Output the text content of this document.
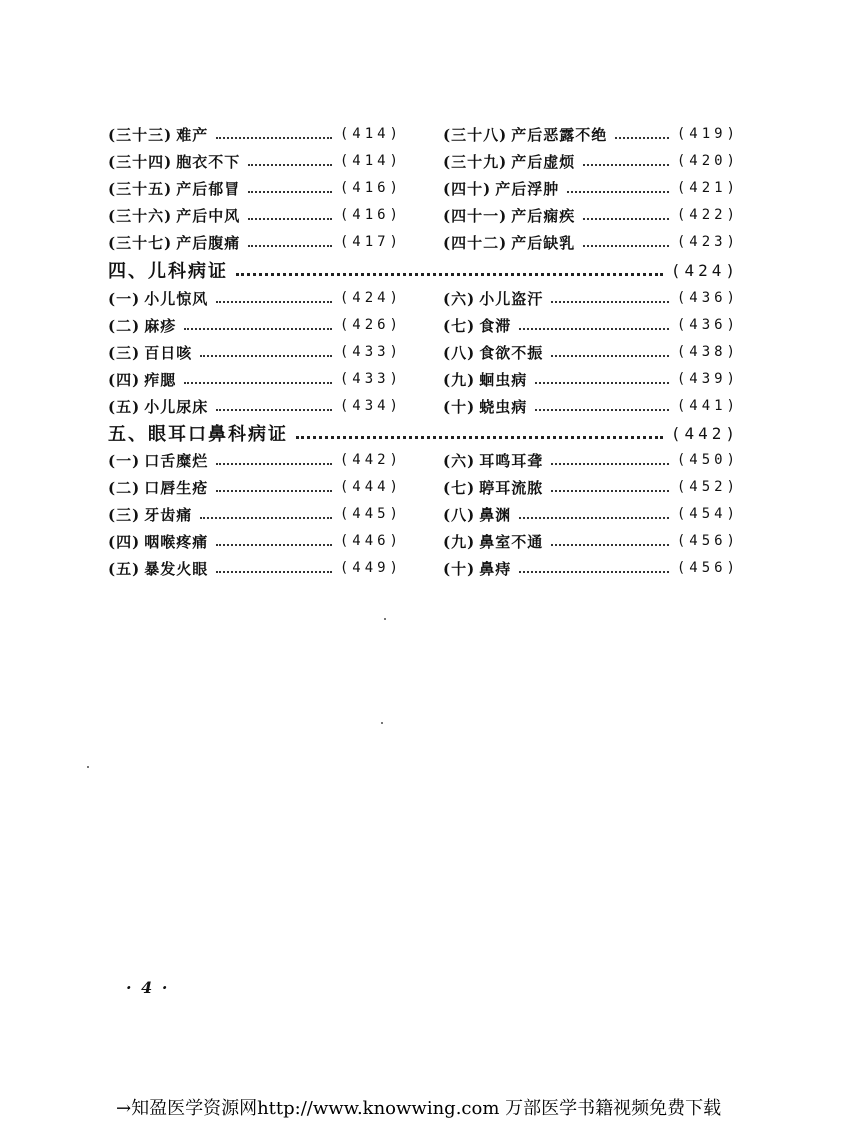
(三十三) 难产	(414)
(三十四) 胞衣不下	(414)
(三十五) 产后郁冒	(416)
(三十六) 产后中风	(416)
(三十七) 产后腹痛	(417)
(三十八) 产后恶露不绝	(419)
(三十九) 产后虚烦	(420)
(四十) 产后浮肿	(421)
(四十一) 产后痫疾	(422)
(四十二) 产后缺乳	(423)
四、儿科病证	(424)
(一) 小儿惊风	(424)
(二) 麻疹	(426)
(三) 百日咳	(433)
(四) 痄腮	(433)
(五) 小儿尿床	(434)
(六) 小儿盗汗	(436)
(七) 食滞	(436)
(八) 食欲不振	(438)
(九) 蛔虫病	(439)
(十) 蛲虫病	(441)
五、眼耳口鼻科病证	(442)
(一) 口舌糜烂	(442)
(二) 口唇生疮	(444)
(三) 牙齿痛	(445)
(四) 咽喉疼痛	(446)
(五) 暴发火眼	(449)
(六) 耳鸣耳聋	(450)
(七) 聤耳流脓	(452)
(八) 鼻渊	(454)
(九) 鼻室不通	(456)
(十) 鼻痔	(456)
· 4 ·
→知盈医学资源网http://www.knowwing.com 万部医学书籍视频免费下载
